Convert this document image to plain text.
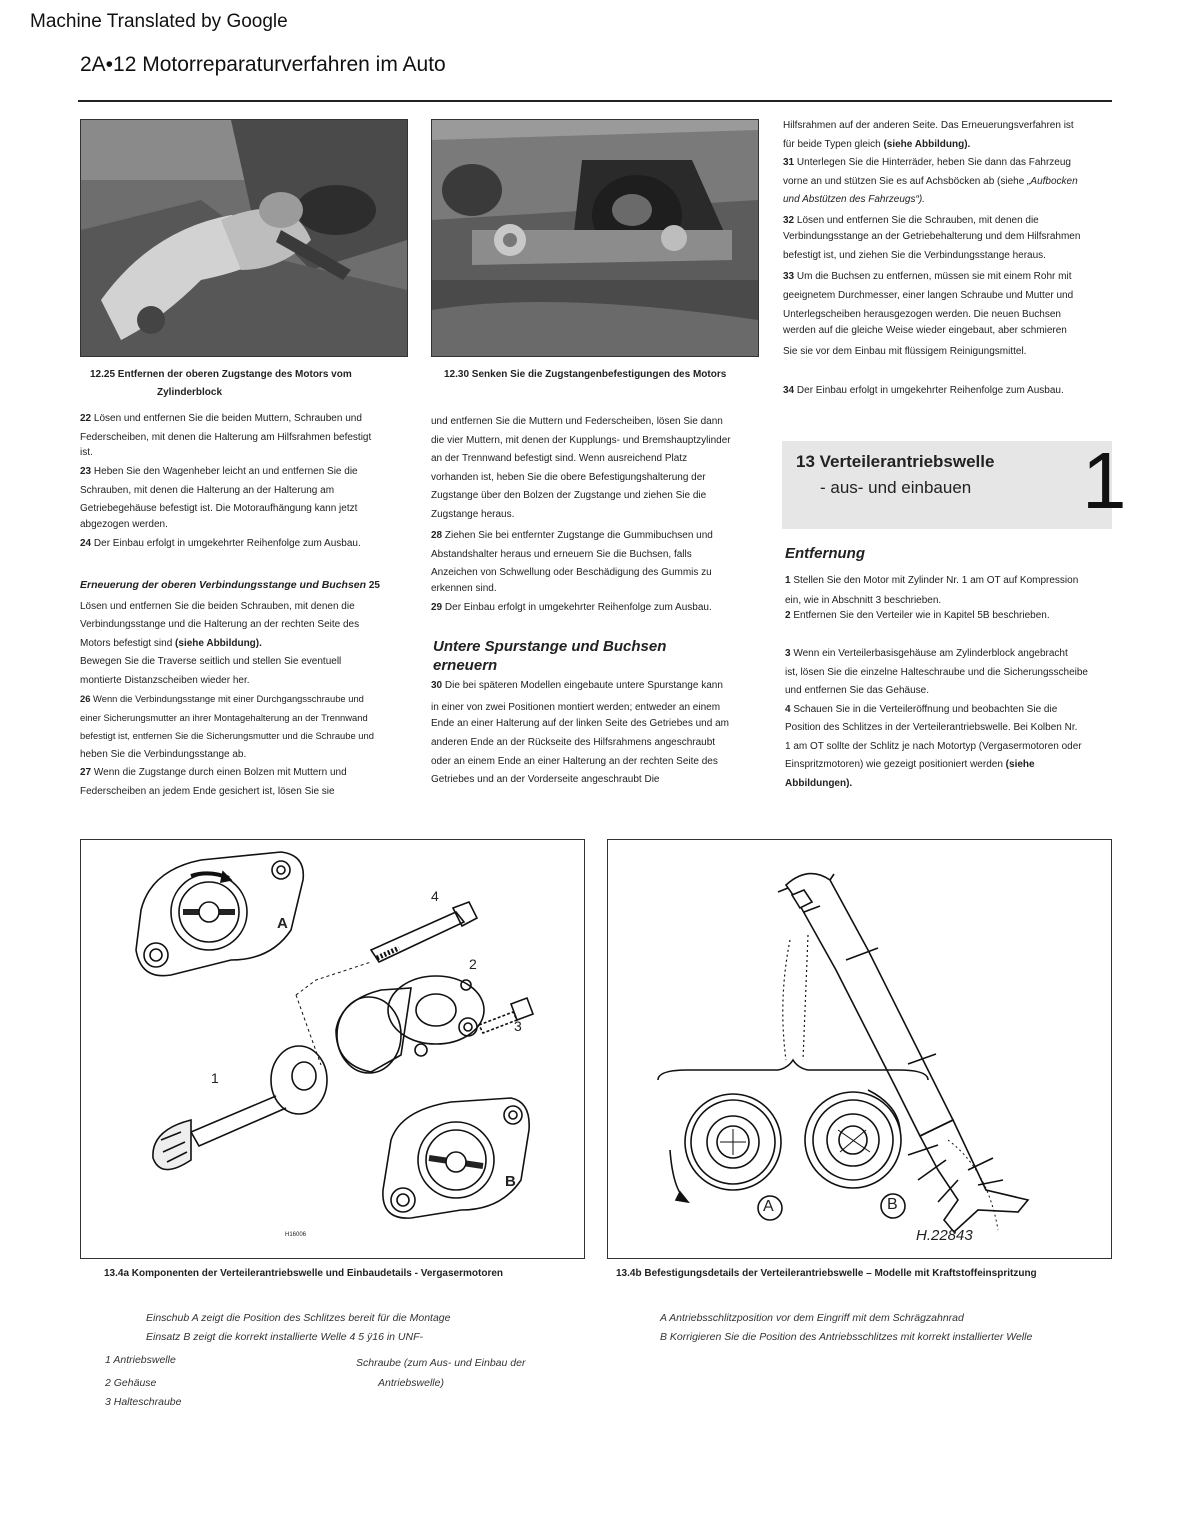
Machine Translated by Google
2A•12 Motorreparaturverfahren im Auto
12.25 Entfernen der oberen Zugstange des Motors vom
Zylinderblock
12.30 Senken Sie die Zugstangenbefestigungen des Motors

22 Lösen und entfernen Sie die beiden Muttern, Schrauben und

Federscheiben, mit denen die Halterung am Hilfsrahmen befestigt

ist.

23 Heben Sie den Wagenheber leicht an und entfernen Sie die

Schrauben, mit denen die Halterung an der Halterung am

Getriebegehäuse befestigt ist. Die Motoraufhängung kann jetzt

abgezogen werden.

24 Der Einbau erfolgt in umgekehrter Reihenfolge zum Ausbau.

Erneuerung der oberen Verbindungsstange und Buchsen 25

Lösen und entfernen Sie die beiden Schrauben, mit denen die

Verbindungsstange und die Halterung an der rechten Seite des

Motors befestigt sind (siehe Abbildung).

Bewegen Sie die Traverse seitlich und stellen Sie eventuell

montierte Distanzscheiben wieder her.

26 Wenn die Verbindungsstange mit einer Durchgangsschraube und

einer Sicherungsmutter an ihrer Montagehalterung an der Trennwand

befestigt ist, entfernen Sie die Sicherungsmutter und die Schraube und

heben Sie die Verbindungsstange ab.

27 Wenn die Zugstange durch einen Bolzen mit Muttern und

Federscheiben an jedem Ende gesichert ist, lösen Sie sie

und entfernen Sie die Muttern und Federscheiben, lösen Sie dann

die vier Muttern, mit denen der Kupplungs- und Bremshauptzylinder

an der Trennwand befestigt sind. Wenn ausreichend Platz

vorhanden ist, heben Sie die obere Befestigungshalterung der

Zugstange über den Bolzen der Zugstange und ziehen Sie die

Zugstange heraus.

28 Ziehen Sie bei entfernter Zugstange die Gummibuchsen und

Abstandshalter heraus und erneuern Sie die Buchsen, falls

Anzeichen von Schwellung oder Beschädigung des Gummis zu

erkennen sind.

29 Der Einbau erfolgt in umgekehrter Reihenfolge zum Ausbau.

Untere Spurstange und Buchsen
erneuern

30 Die bei späteren Modellen eingebaute untere Spurstange kann

in einer von zwei Positionen montiert werden; entweder an einem

Ende an einer Halterung auf der linken Seite des Getriebes und am

anderen Ende an der Rückseite des Hilfsrahmens angeschraubt

oder an einem Ende an einer Halterung an der rechten Seite des

Getriebes und an der Vorderseite angeschraubt Die

Hilfsrahmen auf der anderen Seite. Das Erneuerungsverfahren ist

für beide Typen gleich (siehe Abbildung).

31 Unterlegen Sie die Hinterräder, heben Sie dann das Fahrzeug

vorne an und stützen Sie es auf Achsböcken ab (siehe „Aufbocken

und Abstützen des Fahrzeugs“).

32 Lösen und entfernen Sie die Schrauben, mit denen die

Verbindungsstange an der Getriebehalterung und dem Hilfsrahmen

befestigt ist, und ziehen Sie die Verbindungsstange heraus.

33 Um die Buchsen zu entfernen, müssen sie mit einem Rohr mit

geeignetem Durchmesser, einer langen Schraube und Mutter und

Unterlegscheiben herausgezogen werden. Die neuen Buchsen

werden auf die gleiche Weise wieder eingebaut, aber schmieren

Sie sie vor dem Einbau mit flüssigem Reinigungsmittel.

34 Der Einbau erfolgt in umgekehrter Reihenfolge zum Ausbau.

13 Verteilerantriebswelle
- aus- und einbauen 1
Entfernung

1 Stellen Sie den Motor mit Zylinder Nr. 1 am OT auf Kompression

ein, wie in Abschnitt 3 beschrieben.

2 Entfernen Sie den Verteiler wie in Kapitel 5B beschrieben.

3 Wenn ein Verteilerbasisgehäuse am Zylinderblock angebracht

ist, lösen Sie die einzelne Halteschraube und die Sicherungsscheibe

und entfernen Sie das Gehäuse.

4 Schauen Sie in die Verteileröffnung und beobachten Sie die

Position des Schlitzes in der Verteilerantriebswelle. Bei Kolben Nr.

1 am OT sollte der Schlitz je nach Motortyp (Vergasermotoren oder

Einspritzmotoren) wie gezeigt positioniert werden (siehe

Abbildungen).

A
B
1
2
3
4
H16006
A	B
H.22843
13.4a Komponenten der Verteilerantriebswelle und Einbaudetails - Vergasermotoren	13.4b Befestigungsdetails der Verteilerantriebswelle – Modelle mit Kraftstoffeinspritzung
Einschub A zeigt die Position des Schlitzes bereit für die Montage
Einsatz B zeigt die korrekt installierte Welle 4 5 ÿ16 in UNF-
1 Antriebswelle
2 Gehäuse
3 Halteschraube
Schraube (zum Aus- und Einbau der
Antriebswelle)
A Antriebsschlitzposition vor dem Eingriff mit dem Schrägzahnrad
B Korrigieren Sie die Position des Antriebsschlitzes mit korrekt installierter Welle
